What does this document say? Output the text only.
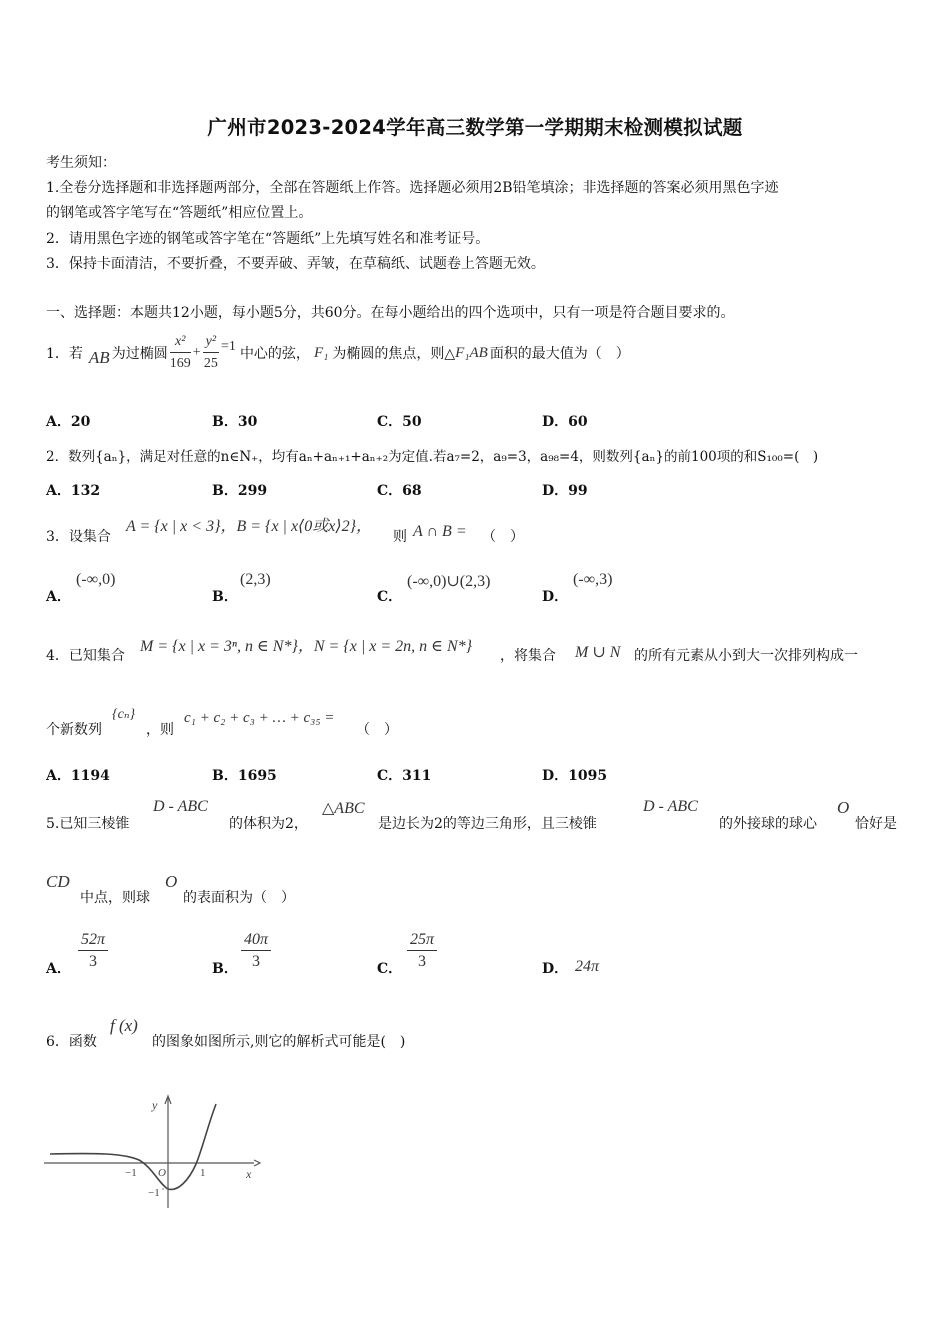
广州市2023-2024学年高三数学第一学期期末检测模拟试题
考生须知：
1.全卷分选择题和非选择题两部分，全部在答题纸上作答。选择题必须用2B铅笔填涂；非选择题的答案必须用黑色字迹
的钢笔或答字笔写在“答题纸”相应位置上。
2．请用黑色字迹的钢笔或答字笔在“答题纸”上先填写姓名和准考证号。
3．保持卡面清洁，不要折叠，不要弄破、弄皱，在草稿纸、试题卷上答题无效。
一、选择题：本题共12小题，每小题5分，共60分。在每小题给出的四个选项中，只有一项是符合题目要求的。
1．若 AB 为过椭圆 $\frac{\text{x²}}{169} + \frac{\text{y²}}{25} =1$ 中心的弦， F₁ 为椭圆的焦点，则△ F₁AB 面积的最大值为（　）
A．20	B．30	C．50	D．60
2．数列{aₙ}，满足对任意的n∈N₊，均有aₙ+aₙ₊₁+aₙ₊₂为定值.若a₇=2，a₉=3，a₉₈=4，则数列{aₙ}的前100项的和S₁₀₀=(　)
A．132	B．299	C．68	D．99
3．设集合
A = {x | x < 3}，B = {x | x⟨0或x⟩2}，
则 A ∩ B = （　）
A．
(-∞,0)
B．
(2,3)
C．
(-∞,0)∪(2,3)
D．
(-∞,3)
4．已知集合
M = {x | x = 3ⁿ, n ∈ N*}，N = {x | x = 2n, n ∈ N*}
，将集合 M ∪ N 的所有元素从小到大一次排列构成一
个新数列
{cₙ}
，则
c₁ + c₂ + c₃ + … + c₃₅ =
（　）
A．1194	B．1695	C．311	D．1095
5.已知三棱锥
D - ABC
的体积为2，
△ABC
是边长为2的等边三角形，且三棱锥
D - ABC
的外接球的球心
O
恰好是
CD
中点，则球
O
的表面积为（　）
A． $\frac{52\pi}{3}$	B． $\frac{40\pi}{3}$	C． $\frac{25\pi}{3}$	D． 24π
6．函数
f (x)
的图象如图所示,则它的解析式可能是(　)
y
x
O
−1	1
−1
